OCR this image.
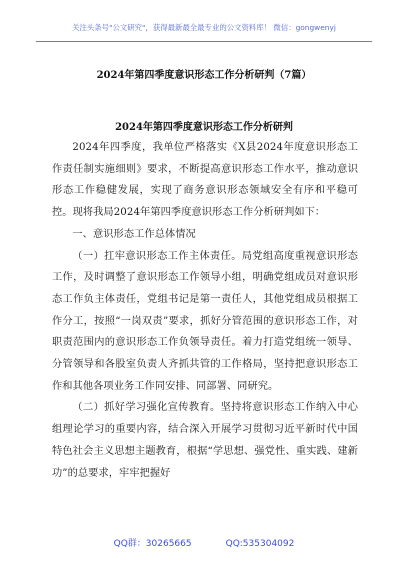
关注头条号"公文研究"，获得最新最全最专业的公文资料库！ 微信：gongwenyj
2024年第四季度意识形态工作分析研判（7篇）
2024年第四季度意识形态工作分析研判

2024年四季度，我单位严格落实《X县2024年度意识形态工作责任制实施细则》要求，不断提高意识形态工作水平，推动意识形态工作稳健发展，实现了商务意识形态领域安全有序和平稳可控。现将我局2024年第四季度意识形态工作分析研判如下：

一、意识形态工作总体情况

（一）扛牢意识形态工作主体责任。局党组高度重视意识形态工作，及时调整了意识形态工作领导小组，明确党组成员对意识形态工作负主体责任，党组书记是第一责任人，其他党组成员根据工作分工，按照“一岗双责”要求，抓好分管范围的意识形态工作，对职责范围内的意识形态工作负领导责任。着力打造党组统一领导、分管领导和各股室负责人齐抓共管的工作格局，坚持把意识形态工作和其他各项业务工作同安排、同部署、同研究。

（二）抓好学习强化宣传教育。坚持将意识形态工作纳入中心组理论学习的重要内容，结合深入开展学习贯彻习近平新时代中国特色社会主义思想主题教育，根据“学思想、强党性、重实践、建新功”的总要求，牢牢把握好

QQ群：30265665	QQ:535304092
